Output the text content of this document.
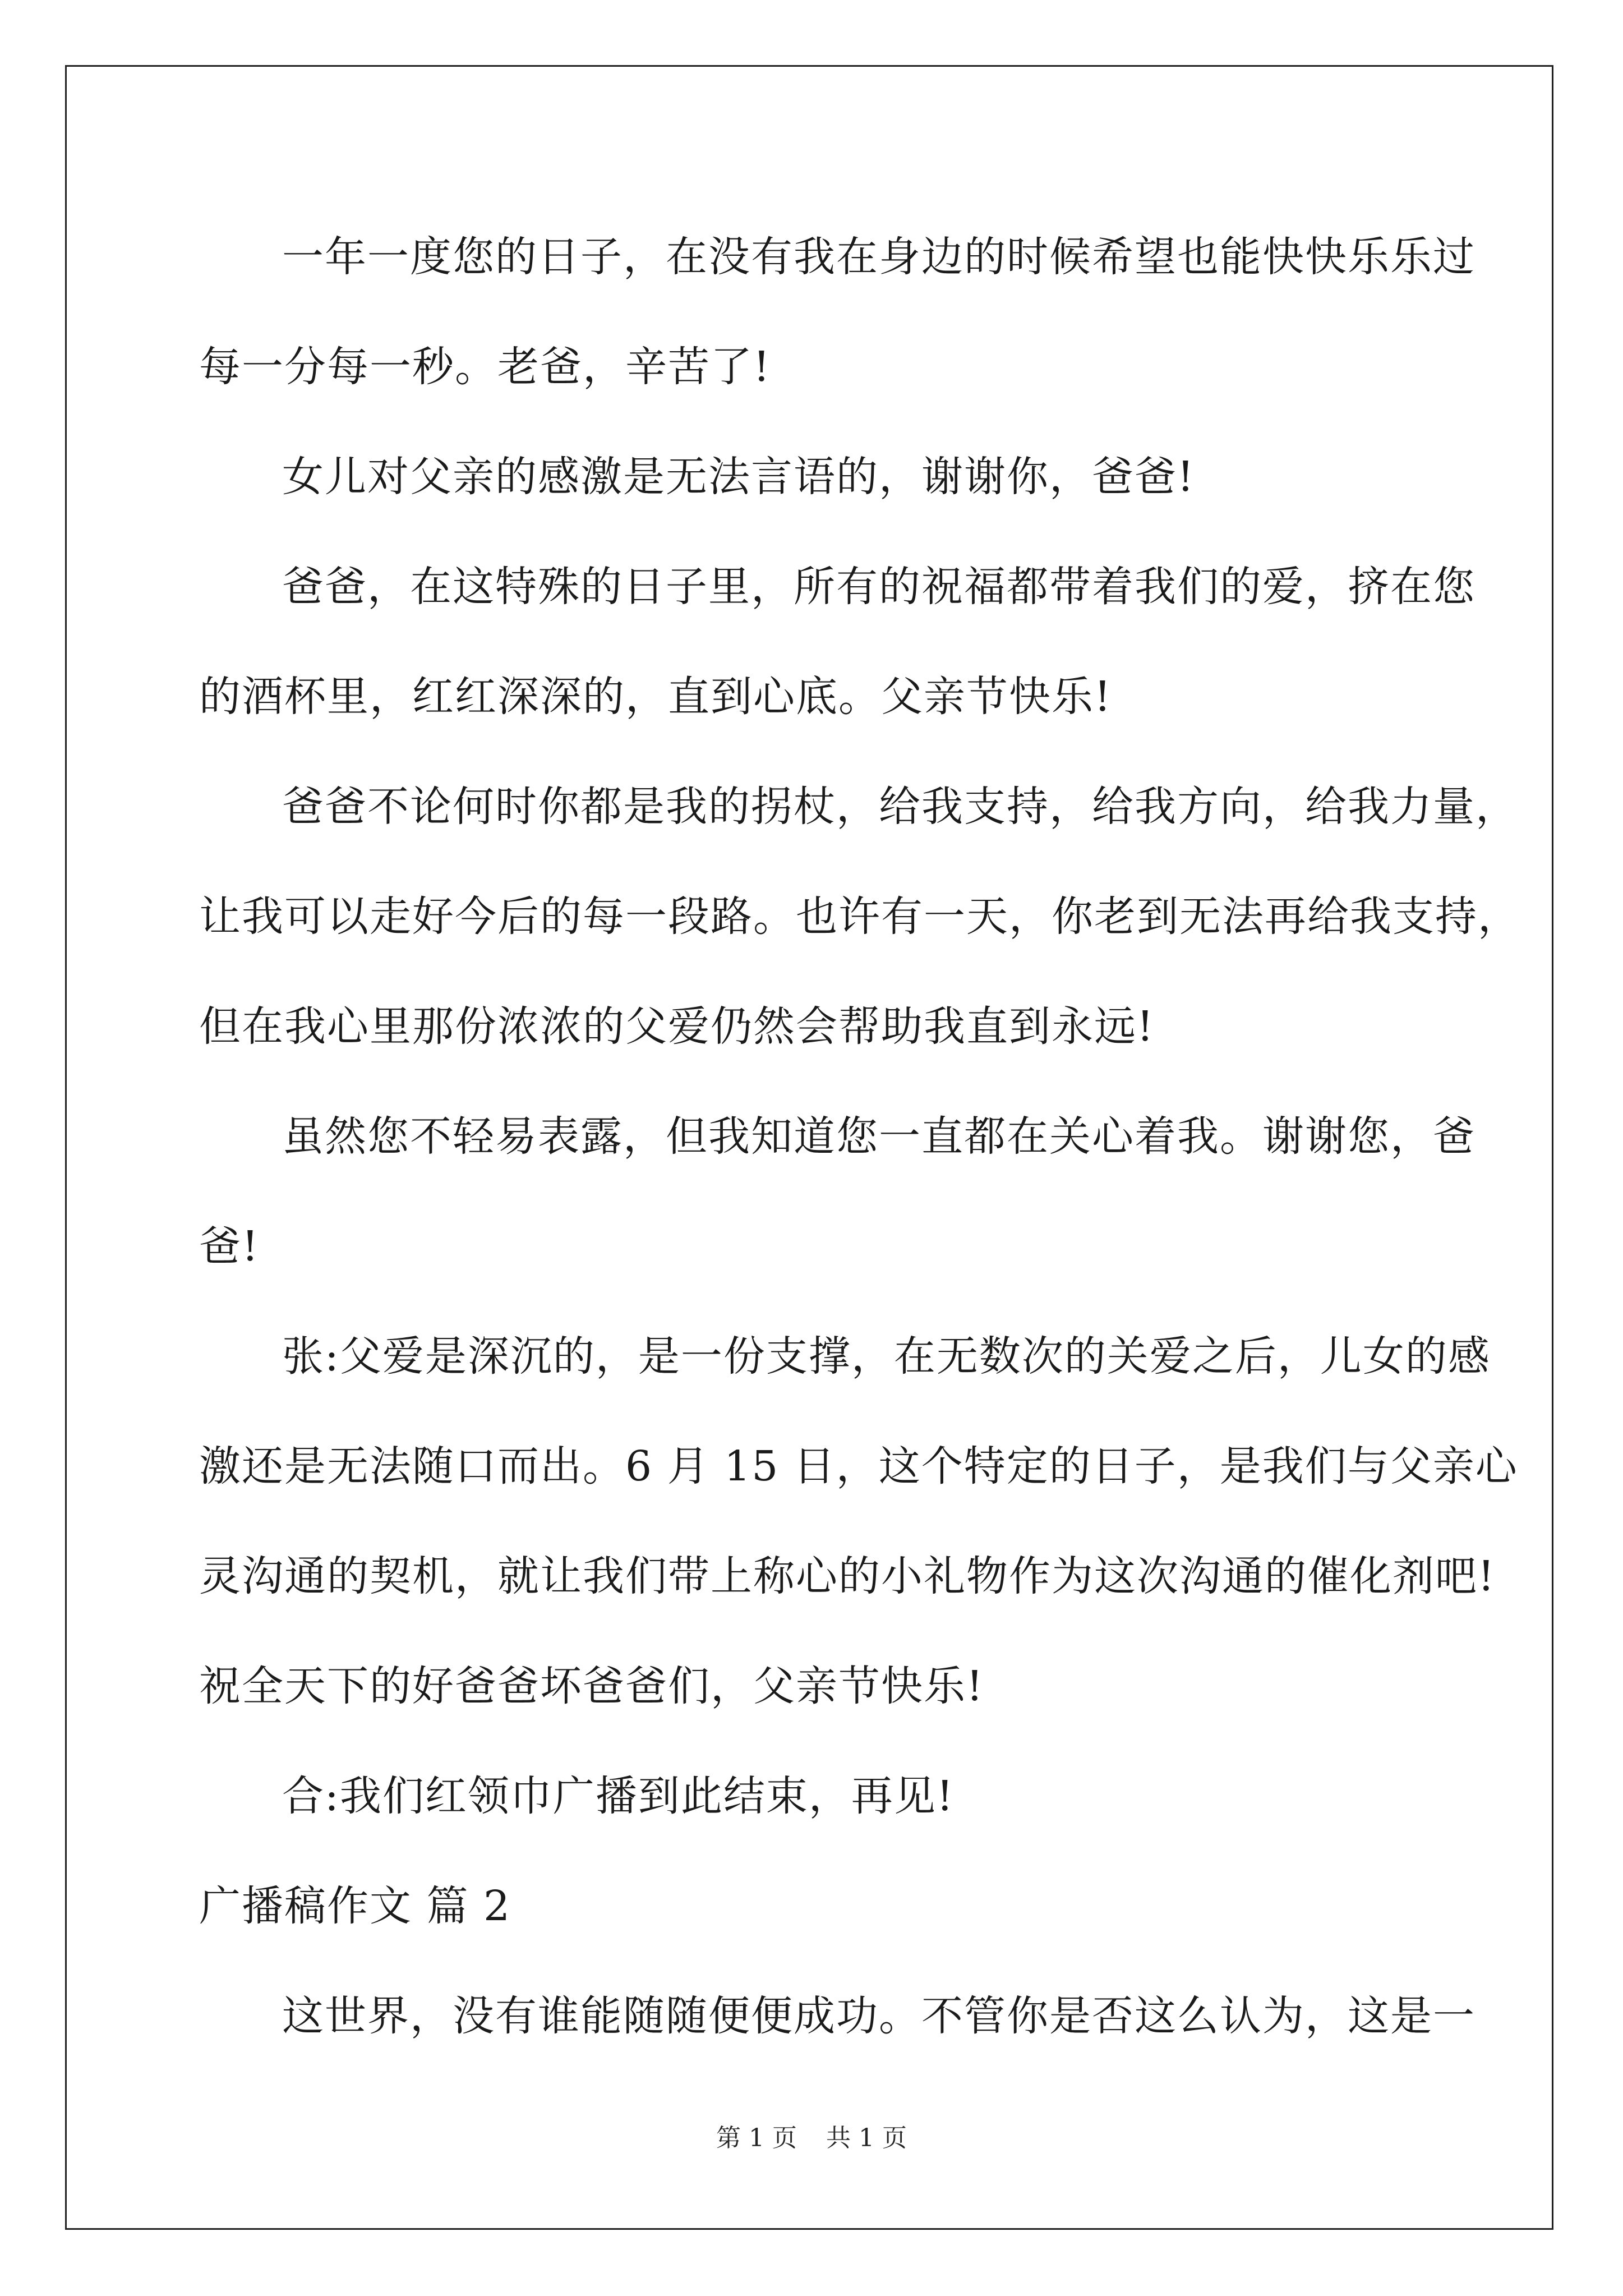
一年一度您的日子，在没有我在身边的时候希望也能快快乐乐过

每一分每一秒。老爸，辛苦了!

女儿对父亲的感激是无法言语的，谢谢你，爸爸!

爸爸，在这特殊的日子里，所有的祝福都带着我们的爱，挤在您

的酒杯里，红红深深的，直到心底。父亲节快乐!

爸爸不论何时你都是我的拐杖，给我支持，给我方向，给我力量，

让我可以走好今后的每一段路。也许有一天，你老到无法再给我支持，

但在我心里那份浓浓的父爱仍然会帮助我直到永远!

虽然您不轻易表露，但我知道您一直都在关心着我。谢谢您，爸

爸!

张:父爱是深沉的，是一份支撑，在无数次的关爱之后，儿女的感

激还是无法随口而出。6 月 15 日，这个特定的日子，是我们与父亲心

灵沟通的契机，就让我们带上称心的小礼物作为这次沟通的催化剂吧!

祝全天下的好爸爸坏爸爸们，父亲节快乐!

合:我们红领巾广播到此结束，再见!

广播稿作文 篇 2

这世界，没有谁能随随便便成功。不管你是否这么认为，这是一

第 1 页 共 1 页
